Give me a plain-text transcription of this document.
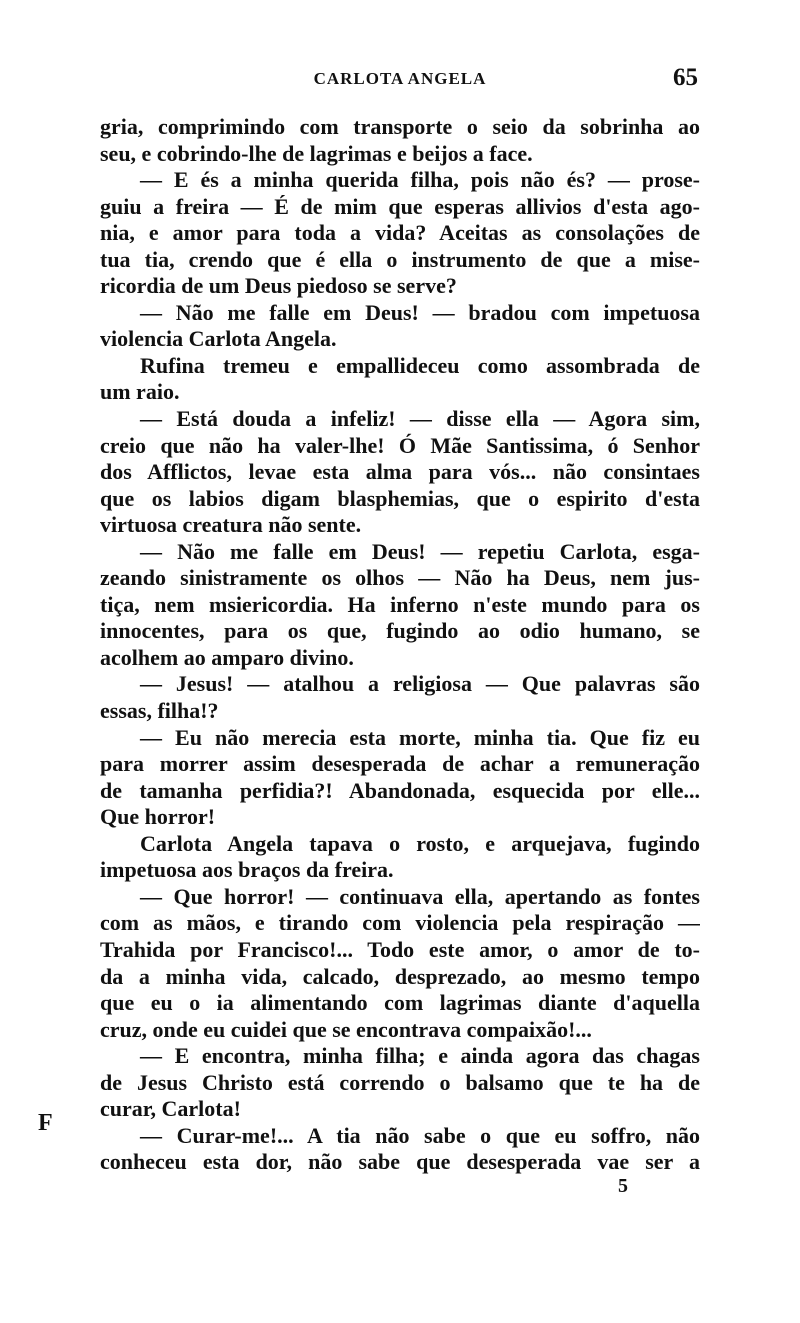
CARLOTA ANGELA	65
gria, comprimindo com transporte o seio da sobrinha ao
seu, e cobrindo-lhe de lagrimas e beijos a face.
— E és a minha querida filha, pois não és? — prose-
guiu a freira — É de mim que esperas allivios d'esta ago-
nia, e amor para toda a vida? Aceitas as consolações de
tua tia, crendo que é ella o instrumento de que a mise-
ricordia de um Deus piedoso se serve?
— Não me falle em Deus! — bradou com impetuosa
violencia Carlota Angela.
Rufina tremeu e empallideceu como assombrada de
um raio.
— Está douda a infeliz! — disse ella — Agora sim,
creio que não ha valer-lhe! Ó Mãe Santissima, ó Senhor
dos Afflictos, levae esta alma para vós... não consintaes
que os labios digam blasphemias, que o espirito d'esta
virtuosa creatura não sente.
— Não me falle em Deus! — repetiu Carlota, esga-
zeando sinistramente os olhos — Não ha Deus, nem jus-
tiça, nem msiericordia. Ha inferno n'este mundo para os
innocentes, para os que, fugindo ao odio humano, se
acolhem ao amparo divino.
— Jesus! — atalhou a religiosa — Que palavras são
essas, filha!?
— Eu não merecia esta morte, minha tia. Que fiz eu
para morrer assim desesperada de achar a remuneração
de tamanha perfidia?! Abandonada, esquecida por elle...
Que horror!
Carlota Angela tapava o rosto, e arquejava, fugindo
impetuosa aos braços da freira.
— Que horror! — continuava ella, apertando as fontes
com as mãos, e tirando com violencia pela respiração —
Trahida por Francisco!... Todo este amor, o amor de to-
da a minha vida, calcado, desprezado, ao mesmo tempo
que eu o ia alimentando com lagrimas diante d'aquella
cruz, onde eu cuidei que se encontrava compaixão!...
— E encontra, minha filha; e ainda agora das chagas
de Jesus Christo está correndo o balsamo que te ha de
curar, Carlota!
— Curar-me!... A tia não sabe o que eu soffro, não
conheceu esta dor, não sabe que desesperada vae ser a
F
5
